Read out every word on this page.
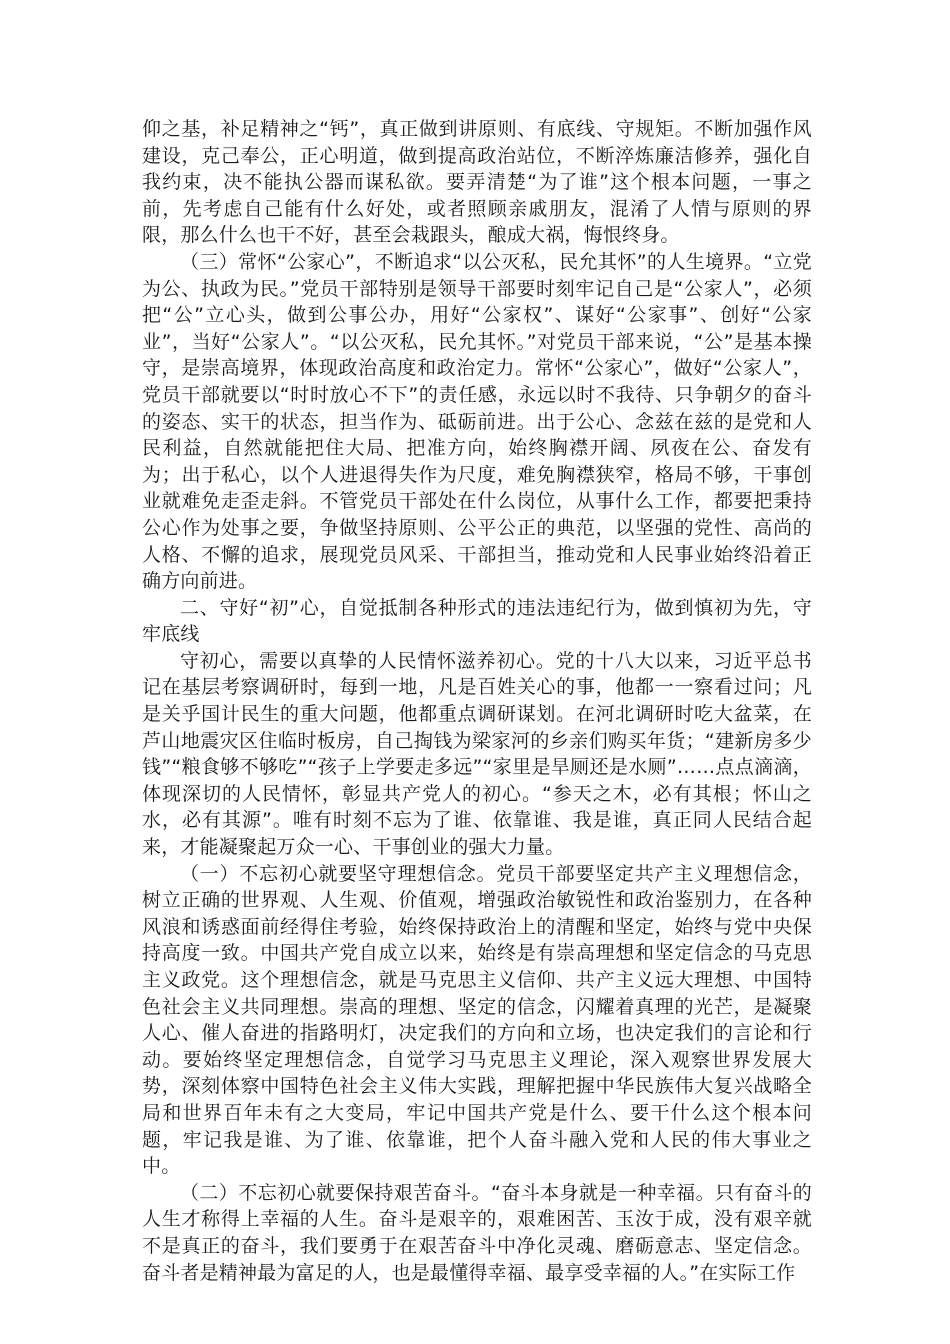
仰之基，补足精神之“钙”，真正做到讲原则、有底线、守规矩。不断加强作风建设，克己奉公，正心明道，做到提高政治站位，不断淬炼廉洁修养，强化自我约束，决不能执公器而谋私欲。要弄清楚“为了谁”这个根本问题，一事之前，先考虑自己能有什么好处，或者照顾亲戚朋友，混淆了人情与原则的界限，那么什么也干不好，甚至会栽跟头，酿成大祸，悔恨终身。

（三）常怀“公家心”，不断追求“以公灭私，民允其怀”的人生境界。“立党为公、执政为民。”党员干部特别是领导干部要时刻牢记自己是“公家人”，必须把“公”立心头，做到公事公办，用好“公家权”、谋好“公家事”、创好“公家业”，当好“公家人”。“以公灭私，民允其怀。”对党员干部来说，“公”是基本操守，是崇高境界，体现政治高度和政治定力。常怀“公家心”，做好“公家人”，党员干部就要以“时时放心不下”的责任感，永远以时不我待、只争朝夕的奋斗的姿态、实干的状态，担当作为、砥砺前进。出于公心、念兹在兹的是党和人民利益，自然就能把住大局、把准方向，始终胸襟开阔、夙夜在公、奋发有为；出于私心，以个人进退得失作为尺度，难免胸襟狭窄，格局不够，干事创业就难免走歪走斜。不管党员干部处在什么岗位，从事什么工作，都要把秉持公心作为处事之要，争做坚持原则、公平公正的典范，以坚强的党性、高尚的人格、不懈的追求，展现党员风采、干部担当，推动党和人民事业始终沿着正确方向前进。

二、守好“初”心，自觉抵制各种形式的违法违纪行为，做到慎初为先，守牢底线

守初心，需要以真挚的人民情怀滋养初心。党的十八大以来，习近平总书记在基层考察调研时，每到一地，凡是百姓关心的事，他都一一察看过问；凡是关乎国计民生的重大问题，他都重点调研谋划。在河北调研时吃大盆菜，在芦山地震灾区住临时板房，自己掏钱为梁家河的乡亲们购买年货；“建新房多少钱”“粮食够不够吃”“孩子上学要走多远”“家里是旱厕还是水厕”……点点滴滴，体现深切的人民情怀，彰显共产党人的初心。“参天之木，必有其根；怀山之水，必有其源”。唯有时刻不忘为了谁、依靠谁、我是谁，真正同人民结合起来，才能凝聚起万众一心、干事创业的强大力量。

（一）不忘初心就要坚守理想信念。党员干部要坚定共产主义理想信念，树立正确的世界观、人生观、价值观，增强政治敏锐性和政治鉴别力，在各种风浪和诱惑面前经得住考验，始终保持政治上的清醒和坚定，始终与党中央保持高度一致。中国共产党自成立以来，始终是有崇高理想和坚定信念的马克思主义政党。这个理想信念，就是马克思主义信仰、共产主义远大理想、中国特色社会主义共同理想。崇高的理想、坚定的信念，闪耀着真理的光芒，是凝聚人心、催人奋进的指路明灯，决定我们的方向和立场，也决定我们的言论和行动。要始终坚定理想信念，自觉学习马克思主义理论，深入观察世界发展大势，深刻体察中国特色社会主义伟大实践，理解把握中华民族伟大复兴战略全局和世界百年未有之大变局，牢记中国共产党是什么、要干什么这个根本问题，牢记我是谁、为了谁、依靠谁，把个人奋斗融入党和人民的伟大事业之中。

（二）不忘初心就要保持艰苦奋斗。“奋斗本身就是一种幸福。只有奋斗的人生才称得上幸福的人生。奋斗是艰辛的，艰难困苦、玉汝于成，没有艰辛就不是真正的奋斗，我们要勇于在艰苦奋斗中净化灵魂、磨砺意志、坚定信念。奋斗者是精神最为富足的人，也是最懂得幸福、最享受幸福的人。”在实际工作
